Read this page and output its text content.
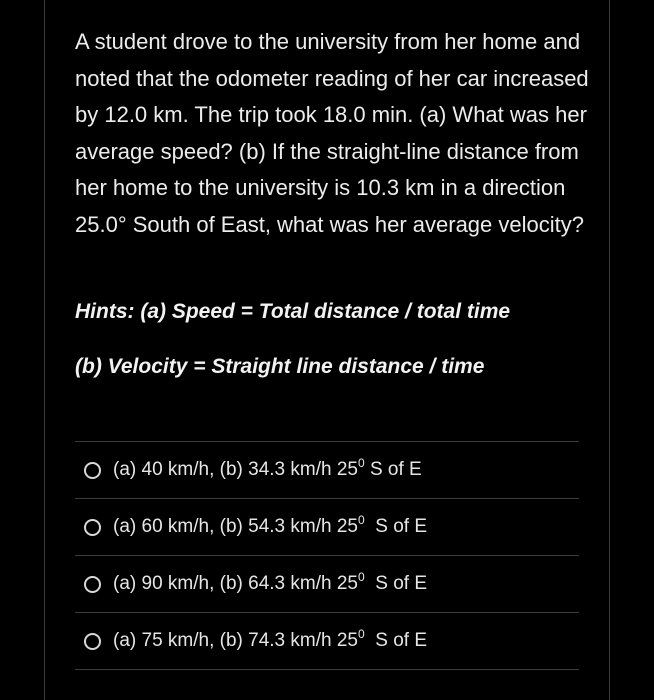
A student drove to the university from her home and noted that the odometer reading of her car increased by 12.0 km. The trip took 18.0 min. (a) What was her average speed? (b) If the straight-line distance from her home to the university is 10.3 km in a direction 25.0° South of East, what was her average velocity?

Hints: (a) Speed = Total distance / total time

(b) Velocity = Straight line distance / time

(a) 40 km/h, (b) 34.3 km/h $25^0$ S of E
(a) 60 km/h, (b) 54.3 km/h $25^0$  S of E
(a) 90 km/h, (b) 64.3 km/h $25^0$  S of E
(a) 75 km/h, (b) 74.3 km/h $25^0$  S of E
